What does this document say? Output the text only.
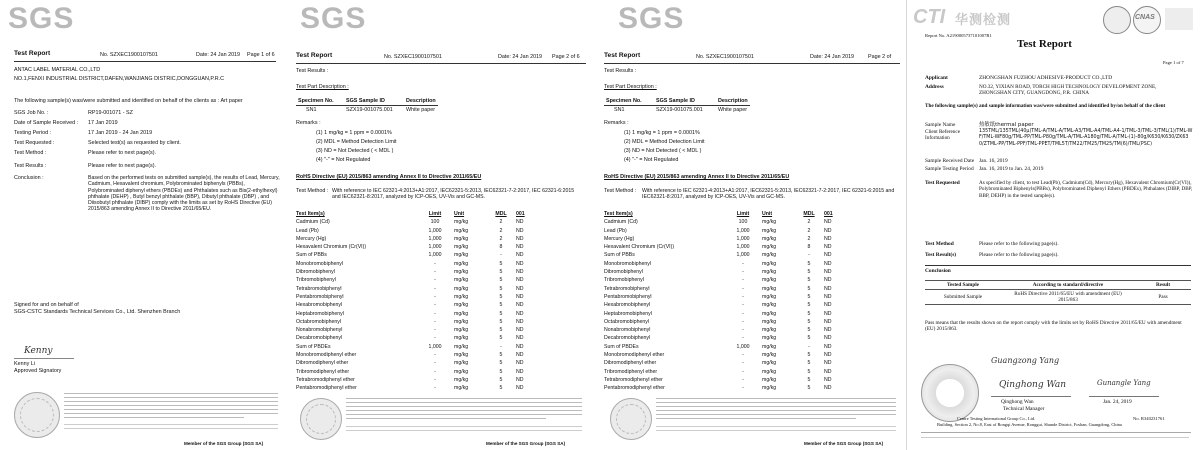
SGS
Test Report	No. SZXEC1900107501	Date: 24 Jan 2019 Page 1 of 6
ANTAC LABEL MATERIAL CO.,LTD
NO.1,FENXI INDUSTRIAL DISTRICT,DAFEN,WANJIANG DISTRIC,DONGGUAN,P.R.C
The following sample(s) was/were submitted and identified on behalf of the clients as : Art paper
SGS Job No. :	RP19-001071 - SZ
Date of Sample Received : 17 Jan 2019
Testing Period :	17 Jan 2019 - 24 Jan 2019
Test Requested :	Selected test(s) as requested by client.
Test Method :	Please refer to next page(s).
Test Results :	Please refer to next page(s).
Conclusion :	Based on the performed tests on submitted sample(s), the results of Lead, Mercury, Cadmium, Hexavalent chromium, Polybrominated biphenyls (PBBs), Polybrominated diphenyl ethers (PBDEs) and Phthalates such as Bis(2-ethylhexyl) phthalate (DEHP) , Butyl benzyl phthalate (BBP), Dibutyl phthalate (DBP) , and Diisobutyl phthalate (DIBP) comply with the limits as set by RoHS Directive (EU) 2015/863 amending Annex II to Directive 2011/65/EU.
Signed for and on behalf of
SGS-CSTC Standards Technical Services Co., Ltd. Shenzhen Branch
Kenny
Kenny Li
Approved Signatory
Member of the SGS Group (SGS SA)
SGS
Test Report	No. SZXEC1900107501	Date: 24 Jan 2019 Page 2 of 6
Test Results :
Test Part Description :
Specimen No. SGS Sample ID	Description
SN1	SZX19-001075.001 White paper
Remarks :
(1) 1 mg/kg = 1 ppm = 0.0001%
(2) MDL = Method Detection Limit
(3) ND = Not Detected ( < MDL )
(4) "-" = Not Regulated
RoHS Directive (EU) 2015/863 amending Annex II to Directive 2011/65/EU
Test Method : With reference to IEC 62321-4:2013+A1:2017, IEC62321-5:2013, IEC62321-7-2:2017, IEC 62321-6:2015 and IEC62321-8:2017, analyzed by ICP-OES, UV-Vis and GC-MS.
Test Item(s)	Limit	Unit	MDL	001
Cadmium (Cd)	100	mg/kg	2	ND
Lead (Pb)	1,000	mg/kg	2	ND
Mercury (Hg)	1,000	mg/kg	2	ND
Hexavalent Chromium (Cr(VI))	1,000	mg/kg	8	ND
Sum of PBBs	1,000	mg/kg	-	ND
Monobromobiphenyl	-	mg/kg	5	ND
Dibromobiphenyl	-	mg/kg	5	ND
Tribromobiphenyl	-	mg/kg	5	ND
Tetrabromobiphenyl	-	mg/kg	5	ND
Pentabromobiphenyl	-	mg/kg	5	ND
Hexabromobiphenyl	-	mg/kg	5	ND
Heptabromobiphenyl	-	mg/kg	5	ND
Octabromobiphenyl	-	mg/kg	5	ND
Nonabromobiphenyl	-	mg/kg	5	ND
Decabromobiphenyl	-	mg/kg	5	ND
Sum of PBDEs	1,000	mg/kg	-	ND
Monobromodiphenyl ether	-	mg/kg	5	ND
Dibromodiphenyl ether	-	mg/kg	5	ND
Tribromodiphenyl ether	-	mg/kg	5	ND
Tetrabromodiphenyl ether	-	mg/kg	5	ND
Pentabromodiphenyl ether	-	mg/kg	5	ND
Member of the SGS Group (SGS SA)
SGS
Test Report	No. SZXEC1900107501	Date: 24 Jan 2019	Page 2 of
Test Results :
Test Part Description :
Specimen No.	SGS Sample ID	Description
SN1	SZX19-001075.001	White paper
Remarks :
(1) 1 mg/kg = 1 ppm = 0.0001%
(2) MDL = Method Detection Limit
(3) ND = Not Detected ( < MDL )
(4) "-" = Not Regulated
RoHS Directive (EU) 2015/863 amending Annex II to Directive 2011/65/EU
Test Method : With reference to IEC 62321-4:2013+A1:2017, IEC62321-5:2013, IEC62321-7-2:2017, IEC 62321-6:2015 and IEC62321-8:2017, analyzed by ICP-OES, UV-Vis and GC-MS.
Test Item(s)	Limit	Unit	MDL	001
Cadmium (Cd)	100	mg/kg	2	ND
Lead (Pb)	1,000	mg/kg	2	ND
Mercury (Hg)	1,000	mg/kg	2	ND
Hexavalent Chromium (Cr(VI))	1,000	mg/kg	8	ND
Sum of PBBs	1,000	mg/kg	-	ND
Monobromobiphenyl	-	mg/kg	5	ND
Dibromobiphenyl	-	mg/kg	5	ND
Tribromobiphenyl	-	mg/kg	5	ND
Tetrabromobiphenyl	-	mg/kg	5	ND
Pentabromobiphenyl	-	mg/kg	5	ND
Hexabromobiphenyl	-	mg/kg	5	ND
Heptabromobiphenyl	-	mg/kg	5	ND
Octabromobiphenyl	-	mg/kg	5	ND
Nonabromobiphenyl	-	mg/kg	5	ND
Decabromobiphenyl	-	mg/kg	5	ND
Sum of PBDEs	1,000	mg/kg	-	ND
Monobromodiphenyl ether	-	mg/kg	5	ND
Dibromodiphenyl ether	-	mg/kg	5	ND
Tribromodiphenyl ether	-	mg/kg	5	ND
Tetrabromodiphenyl ether	-	mg/kg	5	ND
Pentabromodiphenyl ether	-	mg/kg	5	ND
Member of the SGS Group (SGS SA)
CTI 华测检测	CNAS
Report No. A2190005737101007R1
Test Report
Page 1 of 7
Applicant	ZHONGSHAN FUZHOU ADHESIVE-PRODUCT CO.,LTD
Address	NO.32, YIXIAN ROAD, TORCH HIGH TECHNOLOGY DEVELOPMENT ZONE, ZHONGSHAN CITY, GUANGDONG, P.R. CHINA
The following sample(s) and sample information was/were submitted and identified by/on behalf of the client
Sample Name	热敏纸thermal paper
Client Reference Information
135TML/135TML(40μ)TML-A/TML-A/TML-A3/TML-A4/TML-A4-1/TML-3/TML-3/TML(1)/TML-WF/TML-WF80g/TML-PP/TML-P80g/TML-A/TML-A180g/TML-A/TML-(1)-80g/K630/K630/ZK630/ZTML-PP/TML-PPF/TML-PPET/TML5T/TM22/TM25/TM25/TM(6)/TML(PSC)
Sample Received Date Jan. 16, 2019
Sample Testing Period Jan. 16, 2019 to Jan. 24, 2019
Test Requested	As specified by client, to test Lead(Pb), Cadmium(Cd), Mercury(Hg), Hexavalent Chromium(Cr(VI)), Polybrominated Biphenyls(PBBs), Polybrominated Diphenyl Ethers (PBDEs), Phthalates (DIBP, DBP, BBP, DEHP) in the tested sample(s).
Test Method	Please refer to the following page(s).
Test Result(s)	Please refer to the following page(s).
Conclusion
Tested Sample	According to standard/directive	Result
Submitted Sample	RoHS Directive 2011/65/EU with amendment (EU) 2015/863	Pass
Pass means that the results shown on the report comply with the limits set by RoHS Directive 2011/65/EU with amendment (EU) 2015/863.
Guangzong Yang
Qinghong Wan	Gunangle Yang
Qinghong Wan	Jan. 24, 2019
Technical Manager
No. R340231761
Centre Testing International Group Co., Ltd.
Building, Section 2, No.8, East of Rongqi Avenue, Ronggui, Shunde District, Foshan, Guangdong, China
